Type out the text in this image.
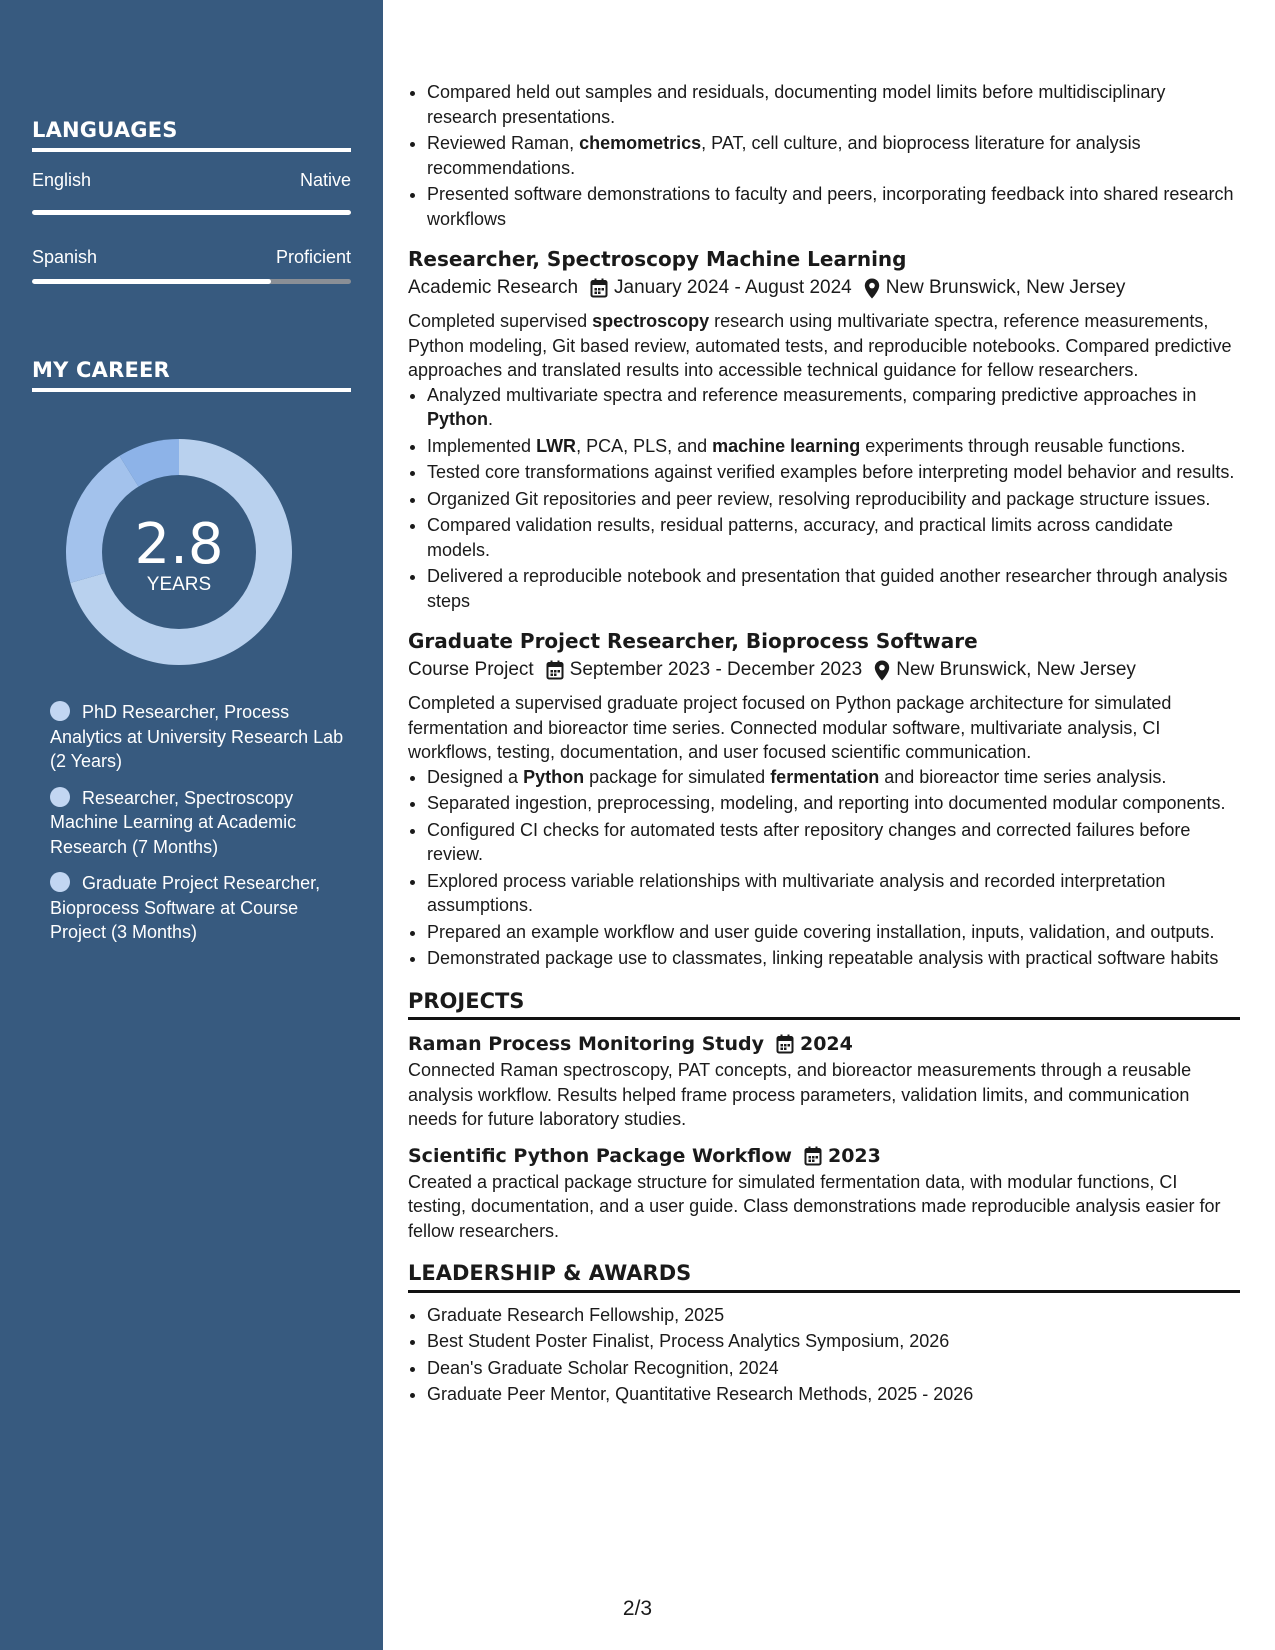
LANGUAGES
English	Native
Spanish	Proficient
MY CAREER
2.8
YEARS
PhD Researcher, Process Analytics at University Research Lab (2 Years)
Researcher, Spectroscopy Machine Learning at Academic Research (7 Months)
Graduate Project Researcher, Bioprocess Software at Course Project (3 Months)
• Compared held out samples and residuals, documenting model limits before multidisciplinary research presentations.
• Reviewed Raman, chemometrics, PAT, cell culture, and bioprocess literature for analysis recommendations.
• Presented software demonstrations to faculty and peers, incorporating feedback into shared research workflows
Researcher, Spectroscopy Machine Learning
Academic Research January 2024 - August 2024 New Brunswick, New Jersey
Completed supervised spectroscopy research using multivariate spectra, reference measurements, Python modeling, Git based review, automated tests, and reproducible notebooks. Compared predictive approaches and translated results into accessible technical guidance for fellow researchers.
• Analyzed multivariate spectra and reference measurements, comparing predictive approaches in Python.
• Implemented LWR, PCA, PLS, and machine learning experiments through reusable functions.
• Tested core transformations against verified examples before interpreting model behavior and results.
• Organized Git repositories and peer review, resolving reproducibility and package structure issues.
• Compared validation results, residual patterns, accuracy, and practical limits across candidate models.
• Delivered a reproducible notebook and presentation that guided another researcher through analysis steps
Graduate Project Researcher, Bioprocess Software
Course Project September 2023 - December 2023 New Brunswick, New Jersey
Completed a supervised graduate project focused on Python package architecture for simulated fermentation and bioreactor time series. Connected modular software, multivariate analysis, CI workflows, testing, documentation, and user focused scientific communication.
• Designed a Python package for simulated fermentation and bioreactor time series analysis.
• Separated ingestion, preprocessing, modeling, and reporting into documented modular components.
• Configured CI checks for automated tests after repository changes and corrected failures before review.
• Explored process variable relationships with multivariate analysis and recorded interpretation assumptions.
• Prepared an example workflow and user guide covering installation, inputs, validation, and outputs.
• Demonstrated package use to classmates, linking repeatable analysis with practical software habits
PROJECTS
Raman Process Monitoring Study 2024
Connected Raman spectroscopy, PAT concepts, and bioreactor measurements through a reusable analysis workflow. Results helped frame process parameters, validation limits, and communication needs for future laboratory studies.
Scientific Python Package Workflow 2023
Created a practical package structure for simulated fermentation data, with modular functions, CI testing, documentation, and a user guide. Class demonstrations made reproducible analysis easier for fellow researchers.
LEADERSHIP & AWARDS
• Graduate Research Fellowship, 2025
• Best Student Poster Finalist, Process Analytics Symposium, 2026
• Dean's Graduate Scholar Recognition, 2024
• Graduate Peer Mentor, Quantitative Research Methods, 2025 - 2026
2/3
